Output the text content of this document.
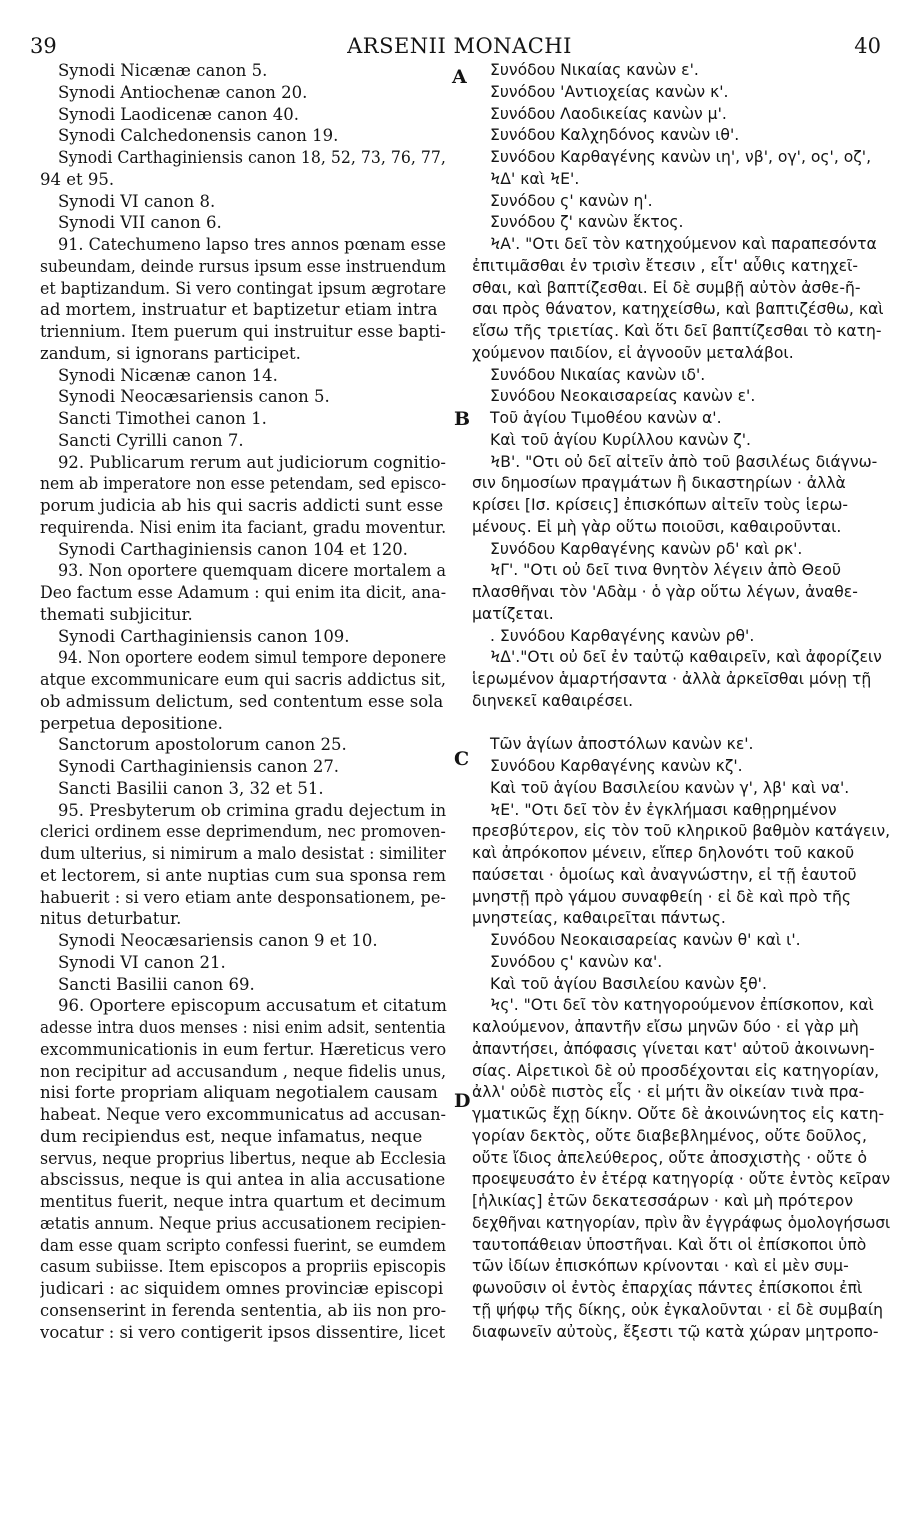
39	ARSENII MONACHI	40
A
B
C
D
Synodi Nicænæ canon 5.
Synodi Antiochenæ canon 20.
Synodi Laodicenæ canon 40.
Synodi Calchedonensis canon 19.
Synodi Carthaginiensis canon 18, 52, 73, 76, 77,
94 et 95.
Synodi VI canon 8.
Synodi VII canon 6.
91. Catechumeno lapso tres annos pœnam esse
subeundam, deinde rursus ipsum esse instruendum
et baptizandum. Si vero contingat ipsum ægrotare
ad mortem, instruatur et baptizetur etiam intra
triennium. Item puerum qui instruitur esse bapti-
zandum, si ignorans participet.
Synodi Nicænæ canon 14.
Synodi Neocæsariensis canon 5.
Sancti Timothei canon 1.
Sancti Cyrilli canon 7.
92. Publicarum rerum aut judiciorum cognitio-
nem ab imperatore non esse petendam, sed episco-
porum judicia ab his qui sacris addicti sunt esse
requirenda. Nisi enim ita faciant, gradu moventur.
Synodi Carthaginiensis canon 104 et 120.
93. Non oportere quemquam dicere mortalem a
Deo factum esse Adamum : qui enim ita dicit, ana-
themati subjicitur.
Synodi Carthaginiensis canon 109.
94. Non oportere eodem simul tempore deponere
atque excommunicare eum qui sacris addictus sit,
ob admissum delictum, sed contentum esse sola
perpetua depositione.
Sanctorum apostolorum canon 25.
Synodi Carthaginiensis canon 27.
Sancti Basilii canon 3, 32 et 51.
95. Presbyterum ob crimina gradu dejectum in
clerici ordinem esse deprimendum, nec promoven-
dum ulterius, si nimirum a malo desistat : similiter
et lectorem, si ante nuptias cum sua sponsa rem
habuerit : si vero etiam ante desponsationem, pe-
nitus deturbatur.
Synodi Neocæsariensis canon 9 et 10.
Synodi VI canon 21.
Sancti Basilii canon 69.
96. Oportere episcopum accusatum et citatum
adesse intra duos menses : nisi enim adsit, sententia
excommunicationis in eum fertur. Hæreticus vero
non recipitur ad accusandum , neque fidelis unus,
nisi forte propriam aliquam negotialem causam
habeat. Neque vero excommunicatus ad accusan-
dum recipiendus est, neque infamatus, neque
servus, neque proprius libertus, neque ab Ecclesia
abscissus, neque is qui antea in alia accusatione
mentitus fuerit, neque intra quartum et decimum
ætatis annum. Neque prius accusationem recipien-
dam esse quam scripto confessi fuerint, se eumdem
casum subiisse. Item episcopos a propriis episcopis
judicari : ac siquidem omnes provinciæ episcopi
consenserint in ferenda sententia, ab iis non pro-
vocatur : si vero contigerit ipsos dissentire, licet
Συνόδου Νικαίας κανὼν ε'.
Συνόδου 'Αντιοχείας κανὼν κ'.
Συνόδου Λαοδικείας κανὼν μ'.
Συνόδου Καλχηδόνος κανὼν ιθ'.
Συνόδου Καρθαγένης κανὼν ιη', νβ', ογ', ος', οζ',
ϞΔ' καὶ ϞΕ'.
Συνόδου ς' κανὼν η'.
Συνόδου ζ' κανὼν ἕκτος.
ϞΑ'. "Οτι δεῖ τὸν κατηχούμενον καὶ παραπεσόντα
ἐπιτιμᾶσθαι ἐν τρισὶν ἔτεσιν , εἶτ' αὖθις κατηχεῖ-
σθαι, καὶ βαπτίζεσθαι. Εἰ δὲ συμβῇ αὐτὸν ἀσθε-ῆ-
σαι πρὸς θάνατον, κατηχείσθω, καὶ βαπτιζέσθω, καὶ
εἴσω τῆς τριετίας. Καὶ ὅτι δεῖ βαπτίζεσθαι τὸ κατη-
χούμενον παιδίον, εἰ ἀγνοοῦν μεταλάβοι.
Συνόδου Νικαίας κανὼν ιδ'.
Συνόδου Νεοκαισαρείας κανὼν ε'.
Τοῦ ἁγίου Τιμοθέου κανὼν α'.
Καὶ τοῦ ἁγίου Κυρίλλου κανὼν ζ'.
ϞΒ'. "Οτι οὐ δεῖ αἰτεῖν ἀπὸ τοῦ βασιλέως διάγνω-
σιν δημοσίων πραγμάτων ἢ δικαστηρίων · ἀλλὰ
κρίσει [Ισ. κρίσεις] ἐπισκόπων αἰτεῖν τοὺς ἱερω-
μένους. Εἰ μὴ γὰρ οὕτω ποιοῦσι, καθαιροῦνται.
Συνόδου Καρθαγένης κανὼν ρδ' καὶ ρκ'.
ϞΓ'. "Οτι οὐ δεῖ τινα θνητὸν λέγειν ἀπὸ Θεοῦ
πλασθῆναι τὸν 'Αδὰμ · ὁ γὰρ οὕτω λέγων, ἀναθε-
ματίζεται.
. Συνόδου Καρθαγένης κανὼν ρθ'.
ϞΔ'."Οτι οὐ δεῖ ἐν ταὐτῷ καθαιρεῖν, καὶ ἀφορίζειν
ἱερωμένον ἁμαρτήσαντα · ἀλλὰ ἀρκεῖσθαι μόνῃ τῇ
διηνεκεῖ καθαιρέσει.
Τῶν ἁγίων ἀποστόλων κανὼν κε'.
Συνόδου Καρθαγένης κανὼν κζ'.
Καὶ τοῦ ἁγίου Βασιλείου κανὼν γ', λβ' καὶ να'.
ϞΕ'. "Οτι δεῖ τὸν ἐν ἐγκλήμασι καθῃρημένον
πρεσβύτερον, εἰς τὸν τοῦ κληρικοῦ βαθμὸν κατάγειν,
καὶ ἀπρόκοπον μένειν, εἴπερ δηλονότι τοῦ κακοῦ
παύσεται · ὁμοίως καὶ ἀναγνώστην, εἰ τῇ ἑαυτοῦ
μνηστῇ πρὸ γάμου συναφθείη · εἰ δὲ καὶ πρὸ τῆς
μνηστείας, καθαιρεῖται πάντως.
Συνόδου Νεοκαισαρείας κανὼν θ' καὶ ι'.
Συνόδου ς' κανὼν κα'.
Καὶ τοῦ ἁγίου Βασιλείου κανὼν ξθ'.
Ϟς'. "Οτι δεῖ τὸν κατηγορούμενον ἐπίσκοπον, καὶ
καλούμενον, ἀπαντῆν εἴσω μηνῶν δύο · εἰ γὰρ μὴ
ἀπαντήσει, ἀπόφασις γίνεται κατ' αὐτοῦ ἀκοινωνη-
σίας. Αἱρετικοὶ δὲ οὐ προσδέχονται εἰς κατηγορίαν,
ἀλλ' οὐδὲ πιστὸς εἷς · εἰ μήτι ἂν οἰκείαν τινὰ πρα-
γματικῶς ἔχῃ δίκην. Οὔτε δὲ ἀκοινώνητος εἰς κατη-
γορίαν δεκτὸς, οὔτε διαβεβλημένος, οὔτε δοῦλος,
οὔτε ἴδιος ἀπελεύθερος, οὔτε ἀποσχιστὴς · οὔτε ὁ
προεψευσάτο ἐν ἑτέρᾳ κατηγορίᾳ · οὔτε ἐντὸς κεῖραν
[ἡλικίας] ἐτῶν δεκατεσσάρων · καὶ μὴ πρότερον
δεχθῆναι κατηγορίαν, πρὶν ἂν ἐγγράφως ὁμολογήσωσι
ταυτοπάθειαν ὑποστῆναι. Καὶ ὅτι οἱ ἐπίσκοποι ὑπὸ
τῶν ἰδίων ἐπισκόπων κρίνονται · καὶ εἰ μὲν συμ-
φωνοῦσιν οἱ ἐντὸς ἐπαρχίας πάντες ἐπίσκοποι ἐπὶ
τῇ ψήφῳ τῆς δίκης, οὐκ ἐγκαλοῦνται · εἰ δὲ συμβαίη
διαφωνεῖν αὐτοὺς, ἔξεστι τῷ κατὰ χώραν μητροπο-
